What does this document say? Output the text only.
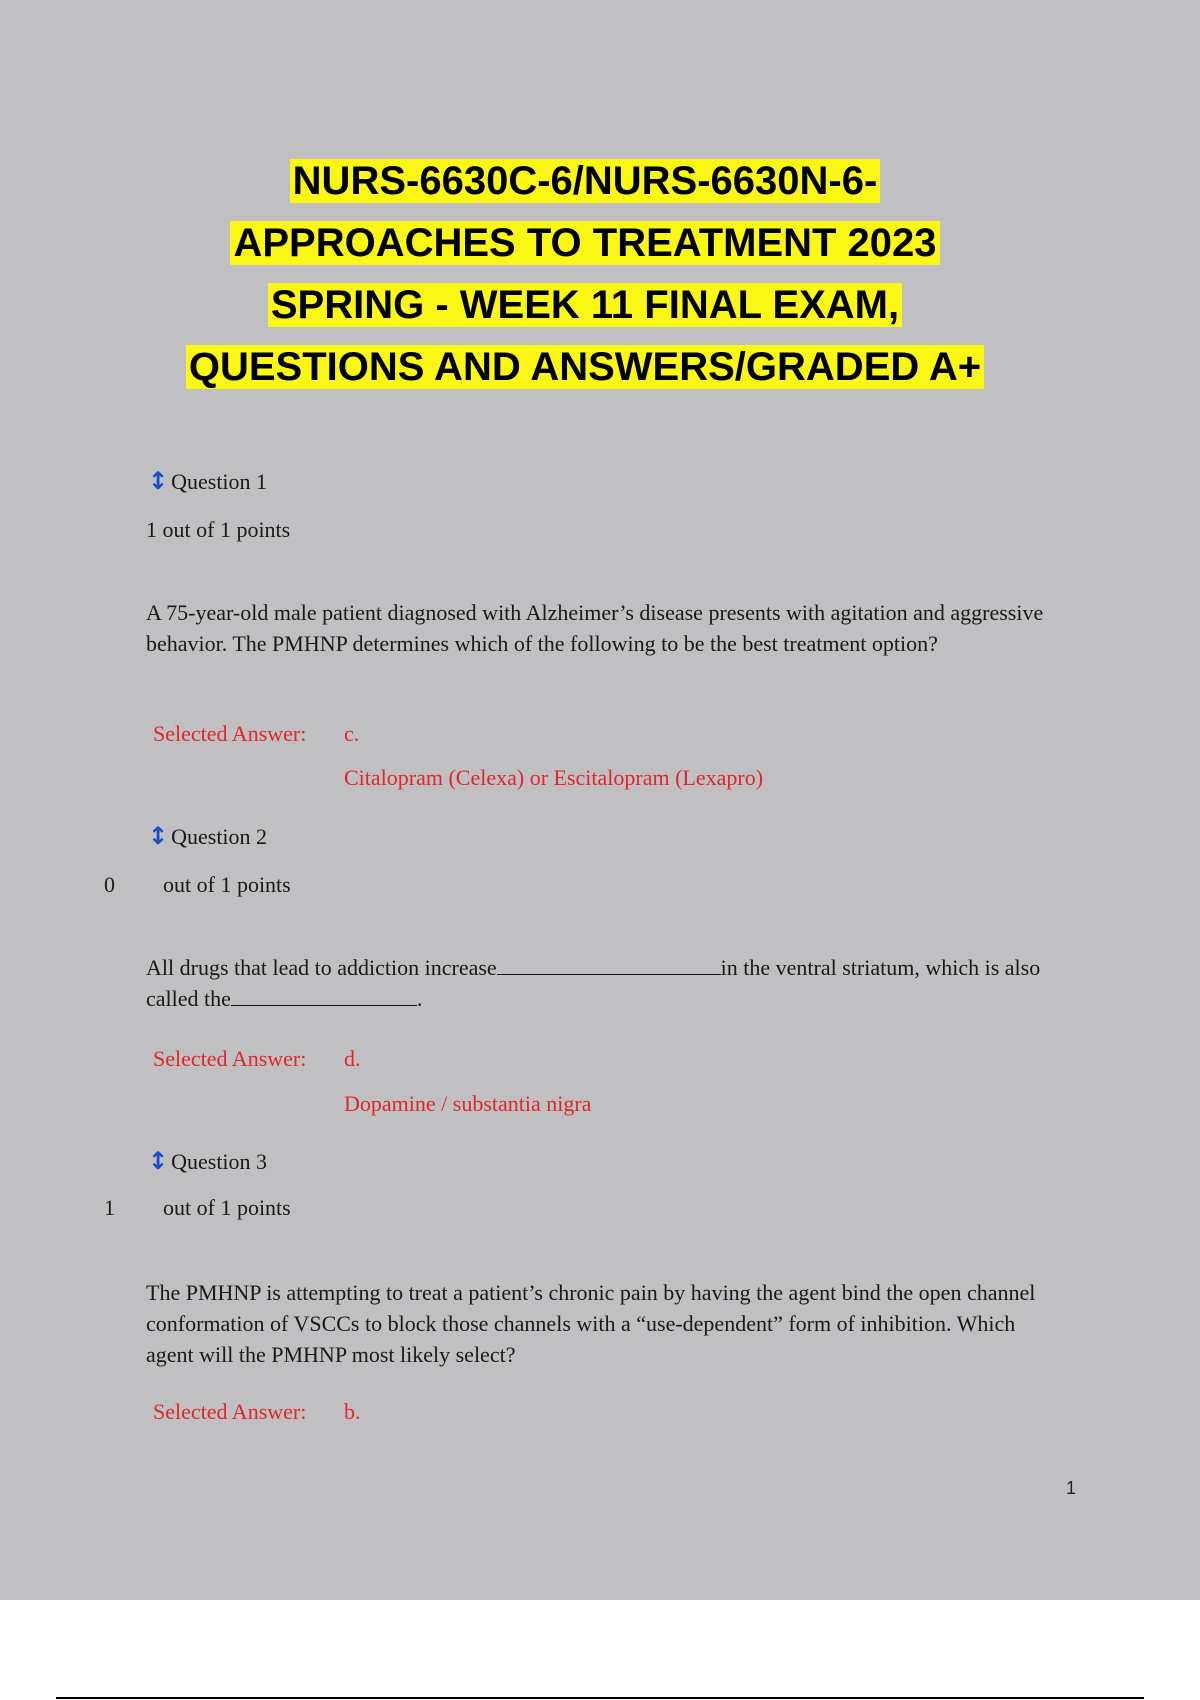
NURS-6630C-6/NURS-6630N-6-
APPROACHES TO TREATMENT 2023
SPRING - WEEK 11 FINAL EXAM,
QUESTIONS AND ANSWERS/GRADED A+
↕ Question 1
1 out of 1 points
A 75-year-old male patient diagnosed with Alzheimer’s disease presents with agitation and aggressive behavior. The PMHNP determines which of the following to be the best treatment option?
Selected Answer: c.
Citalopram (Celexa) or Escitalopram (Lexapro)
↕ Question 2
0 out of 1 points
All drugs that lead to addiction increase	in the ventral striatum, which is also called the	.
Selected Answer: d.
Dopamine / substantia nigra
↕ Question 3
1 out of 1 points
The PMHNP is attempting to treat a patient’s chronic pain by having the agent bind the open channel conformation of VSCCs to block those channels with a “use-dependent” form of inhibition. Which agent will the PMHNP most likely select?
Selected Answer: b.
1
